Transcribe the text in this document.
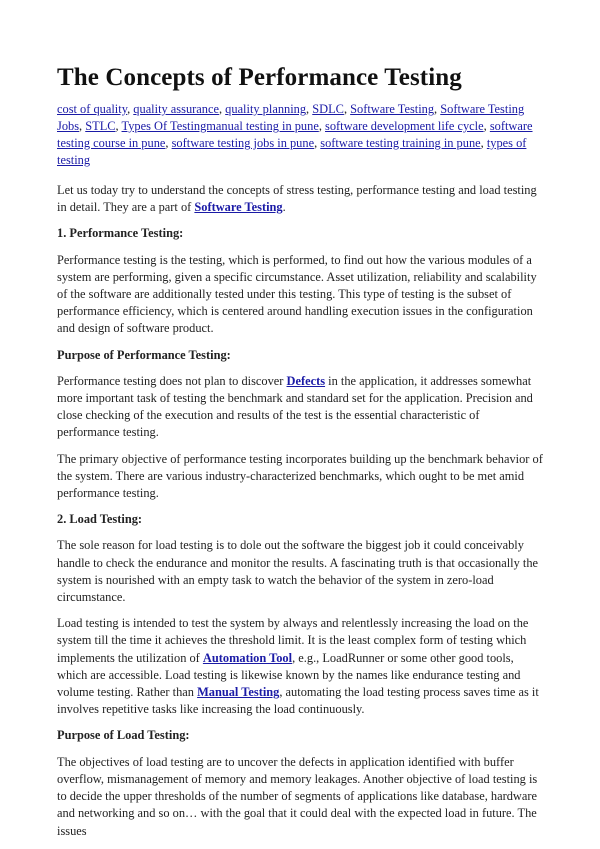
The Concepts of Performance Testing
cost of quality, quality assurance, quality planning, SDLC, Software Testing, Software Testing Jobs, STLC, Types Of Testingmanual testing in pune, software development life cycle, software testing course in pune, software testing jobs in pune, software testing training in pune, types of testing

Let us today try to understand the concepts of stress testing, performance testing and load testing in detail. They are a part of Software Testing.

1. Performance Testing:

Performance testing is the testing, which is performed, to find out how the various modules of a system are performing, given a specific circumstance. Asset utilization, reliability and scalability of the software are additionally tested under this testing. This type of testing is the subset of performance efficiency, which is centered around handling execution issues in the configuration and design of software product.

Purpose of Performance Testing:

Performance testing does not plan to discover Defects in the application, it addresses somewhat more important task of testing the benchmark and standard set for the application. Precision and close checking of the execution and results of the test is the essential characteristic of performance testing.

The primary objective of performance testing incorporates building up the benchmark behavior of the system. There are various industry-characterized benchmarks, which ought to be met amid performance testing.

2. Load Testing:

The sole reason for load testing is to dole out the software the biggest job it could conceivably handle to check the endurance and monitor the results. A fascinating truth is that occasionally the system is nourished with an empty task to watch the behavior of the system in zero-load circumstance.

Load testing is intended to test the system by always and relentlessly increasing the load on the system till the time it achieves the threshold limit. It is the least complex form of testing which implements the utilization of Automation Tool, e.g., LoadRunner or some other good tools, which are accessible. Load testing is likewise known by the names like endurance testing and volume testing. Rather than Manual Testing, automating the load testing process saves time as it involves repetitive tasks like increasing the load continuously.

Purpose of Load Testing:

The objectives of load testing are to uncover the defects in application identified with buffer overflow, mismanagement of memory and memory leakages. Another objective of load testing is to decide the upper thresholds of the number of segments of applications like database, hardware and networking and so on… with the goal that it could deal with the expected load in future. The issues
